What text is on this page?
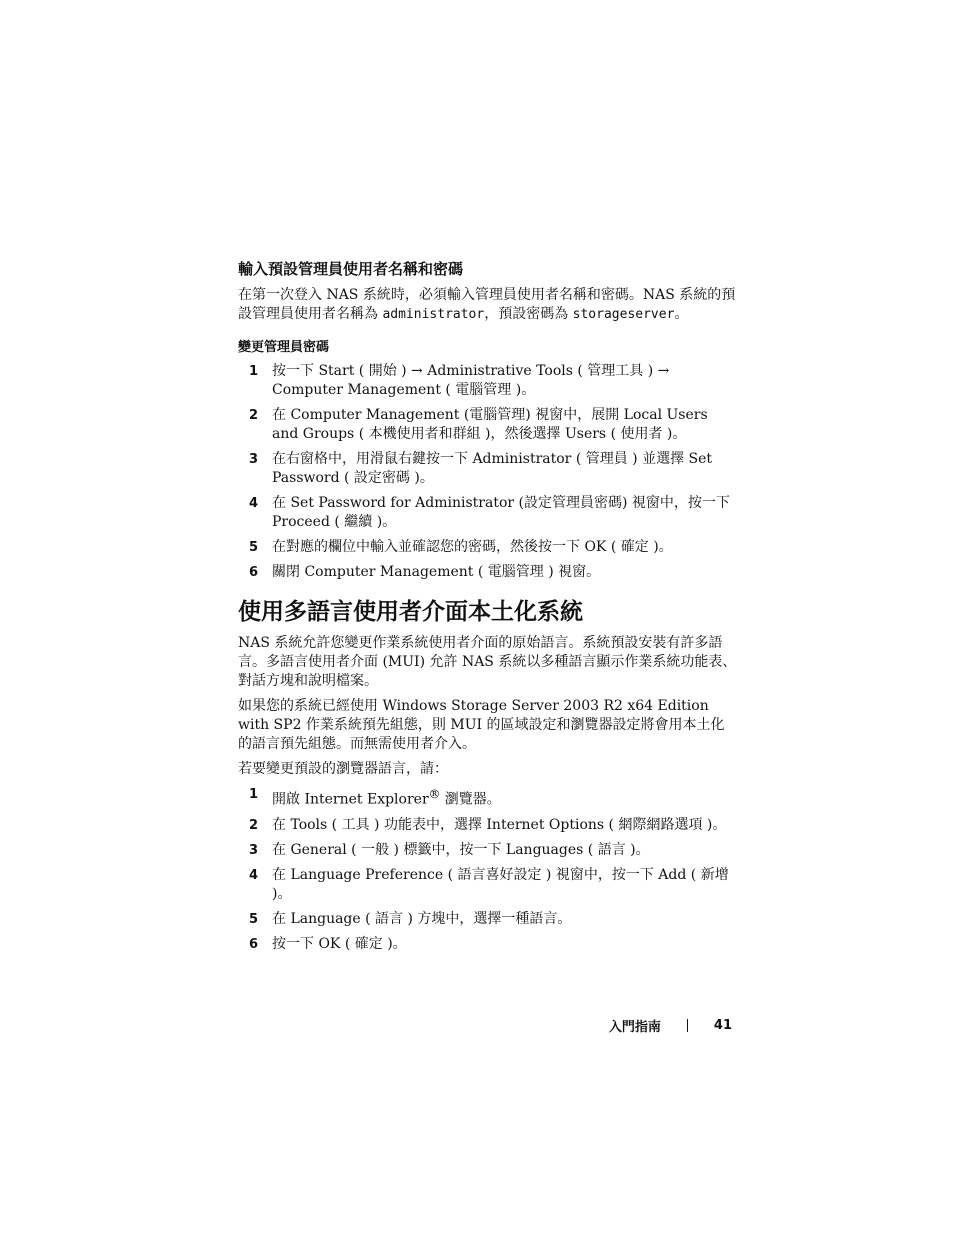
輸入預設管理員使用者名稱和密碼

在第一次登入 NAS 系統時，必須輸入管理員使用者名稱和密碼。NAS 系統的預設管理員使用者名稱為 administrator，預設密碼為 storageserver。

變更管理員密碼
1 按一下 Start ( 開始 ) → Administrative Tools ( 管理工具 ) → Computer Management ( 電腦管理 )。
2 在 Computer Management (電腦管理) 視窗中，展開 Local Users and Groups ( 本機使用者和群組 )，然後選擇 Users ( 使用者 )。
3 在右窗格中，用滑鼠右鍵按一下 Administrator ( 管理員 ) 並選擇 Set Password ( 設定密碼 )。
4 在 Set Password for Administrator (設定管理員密碼) 視窗中，按一下 Proceed ( 繼續 )。
5 在對應的欄位中輸入並確認您的密碼，然後按一下 OK ( 確定 )。
6 關閉 Computer Management ( 電腦管理 ) 視窗。
使用多語言使用者介面本土化系統

NAS 系統允許您變更作業系統使用者介面的原始語言。系統預設安裝有許多語言。多語言使用者介面 (MUI) 允許 NAS 系統以多種語言顯示作業系統功能表、對話方塊和說明檔案。

如果您的系統已經使用 Windows Storage Server 2003 R2 x64 Edition with SP2 作業系統預先組態，則 MUI 的區域設定和瀏覽器設定將會用本土化的語言預先組態。而無需使用者介入。

若要變更預設的瀏覽器語言，請：

1 開啟 Internet Explorer® 瀏覽器。
2 在 Tools ( 工具 ) 功能表中，選擇 Internet Options ( 網際網路選項 )。
3 在 General ( 一般 ) 標籤中，按一下 Languages ( 語言 )。
4 在 Language Preference ( 語言喜好設定 ) 視窗中，按一下 Add ( 新增 )。
5 在 Language ( 語言 ) 方塊中，選擇一種語言。
6 按一下 OK ( 確定 )。
入門指南	41
